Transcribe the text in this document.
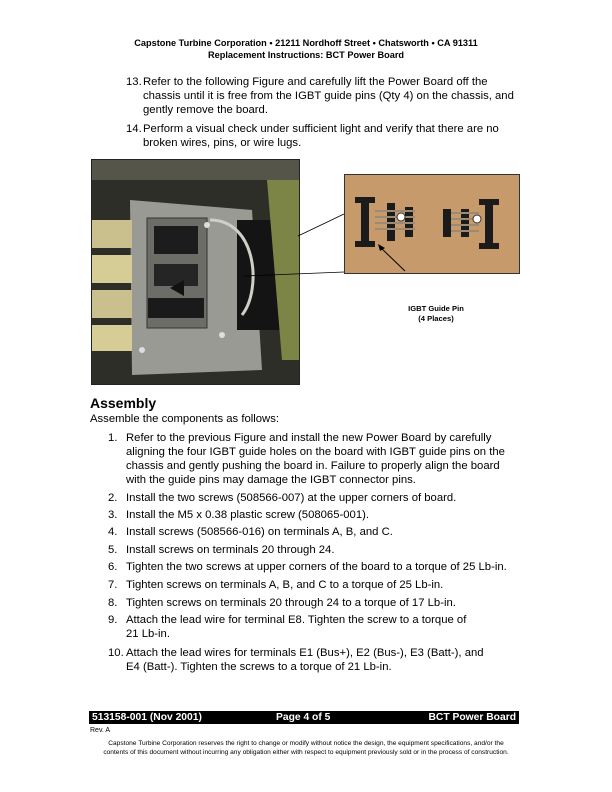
Capstone Turbine Corporation • 21211 Nordhoff Street • Chatsworth • CA 91311
Replacement Instructions: BCT Power Board
13. Refer to the following Figure and carefully lift the Power Board off the
chassis until it is free from the IGBT guide pins (Qty 4) on the chassis, and
gently remove the board.
14. Perform a visual check under sufficient light and verify that there are no
broken wires, pins, or wire lugs.
IGBT Guide Pin
(4 Places)
Assembly
Assemble the components as follows:
1. Refer to the previous Figure and install the new Power Board by carefully
aligning the four IGBT guide holes on the board with IGBT guide pins on the
chassis and gently pushing the board in. Failure to properly align the board
with the guide pins may damage the IGBT connector pins.
2. Install the two screws (508566-007) at the upper corners of board.
3. Install the M5 x 0.38 plastic screw (508065-001).
4. Install screws (508566-016) on terminals A, B, and C.
5. Install screws on terminals 20 through 24.
6. Tighten the two screws at upper corners of the board to a torque of 25 Lb-in.
7. Tighten screws on terminals A, B, and C to a torque of 25 Lb-in.
8. Tighten screws on terminals 20 through 24 to a torque of 17 Lb-in.
9. Attach the lead wire for terminal E8. Tighten the screw to a torque of
21 Lb-in.
10. Attach the lead wires for terminals E1 (Bus+), E2 (Bus-), E3 (Batt-), and
E4 (Batt-). Tighten the screws to a torque of 21 Lb-in.
513158-001 (Nov 2001)	Page 4 of 5	BCT Power Board
Rev. A
Capstone Turbine Corporation reserves the right to change or modify without notice the design, the equipment specifications, and/or the
contents of this document without incurring any obligation either with respect to equipment previously sold or in the process of construction.
